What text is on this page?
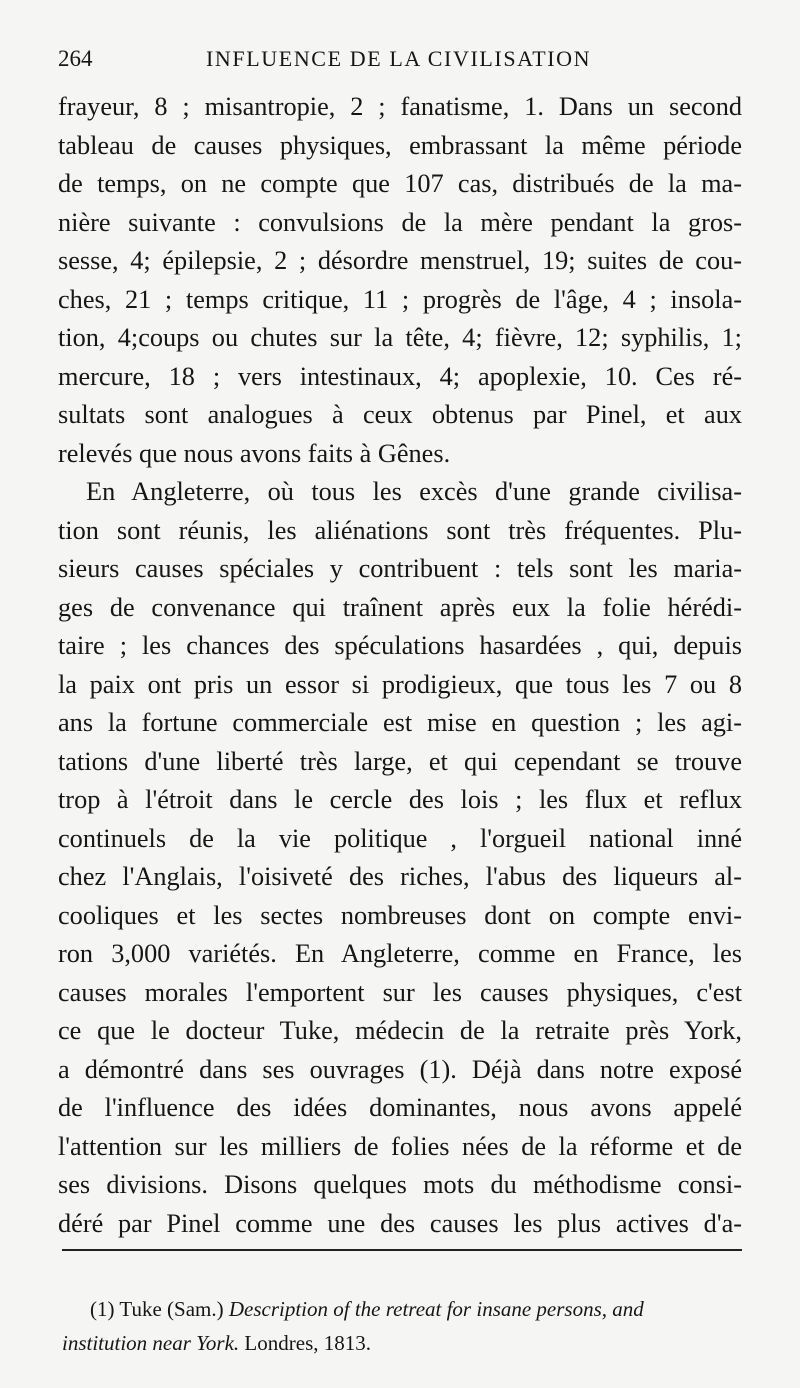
264	INFLUENCE DE LA CIVILISATION
frayeur, 8 ; misantropie, 2 ; fanatisme, 1. Dans un second
tableau de causes physiques, embrassant la même période
de temps, on ne compte que 107 cas, distribués de la ma-
nière suivante : convulsions de la mère pendant la gros-
sesse, 4; épilepsie, 2 ; désordre menstruel, 19; suites de cou-
ches, 21 ; temps critique, 11 ; progrès de l'âge, 4 ; insola-
tion, 4;coups ou chutes sur la tête, 4; fièvre, 12; syphilis, 1;
mercure, 18 ; vers intestinaux, 4; apoplexie, 10. Ces ré-
sultats sont analogues à ceux obtenus par Pinel, et aux
relevés que nous avons faits à Gênes.
En Angleterre, où tous les excès d'une grande civilisa-
tion sont réunis, les aliénations sont très fréquentes. Plu-
sieurs causes spéciales y contribuent : tels sont les maria-
ges de convenance qui traînent après eux la folie hérédi-
taire ; les chances des spéculations hasardées , qui, depuis
la paix ont pris un essor si prodigieux, que tous les 7 ou 8
ans la fortune commerciale est mise en question ; les agi-
tations d'une liberté très large, et qui cependant se trouve
trop à l'étroit dans le cercle des lois ; les flux et reflux
continuels de la vie politique , l'orgueil national inné
chez l'Anglais, l'oisiveté des riches, l'abus des liqueurs al-
cooliques et les sectes nombreuses dont on compte envi-
ron 3,000 variétés. En Angleterre, comme en France, les
causes morales l'emportent sur les causes physiques, c'est
ce que le docteur Tuke, médecin de la retraite près York,
a démontré dans ses ouvrages (1). Déjà dans notre exposé
de l'influence des idées dominantes, nous avons appelé
l'attention sur les milliers de folies nées de la réforme et de
ses divisions. Disons quelques mots du méthodisme consi-
déré par Pinel comme une des causes les plus actives d'a-
(1) Tuke (Sam.) Description of the retreat for insane persons, and
institution near York. Londres, 1813.
